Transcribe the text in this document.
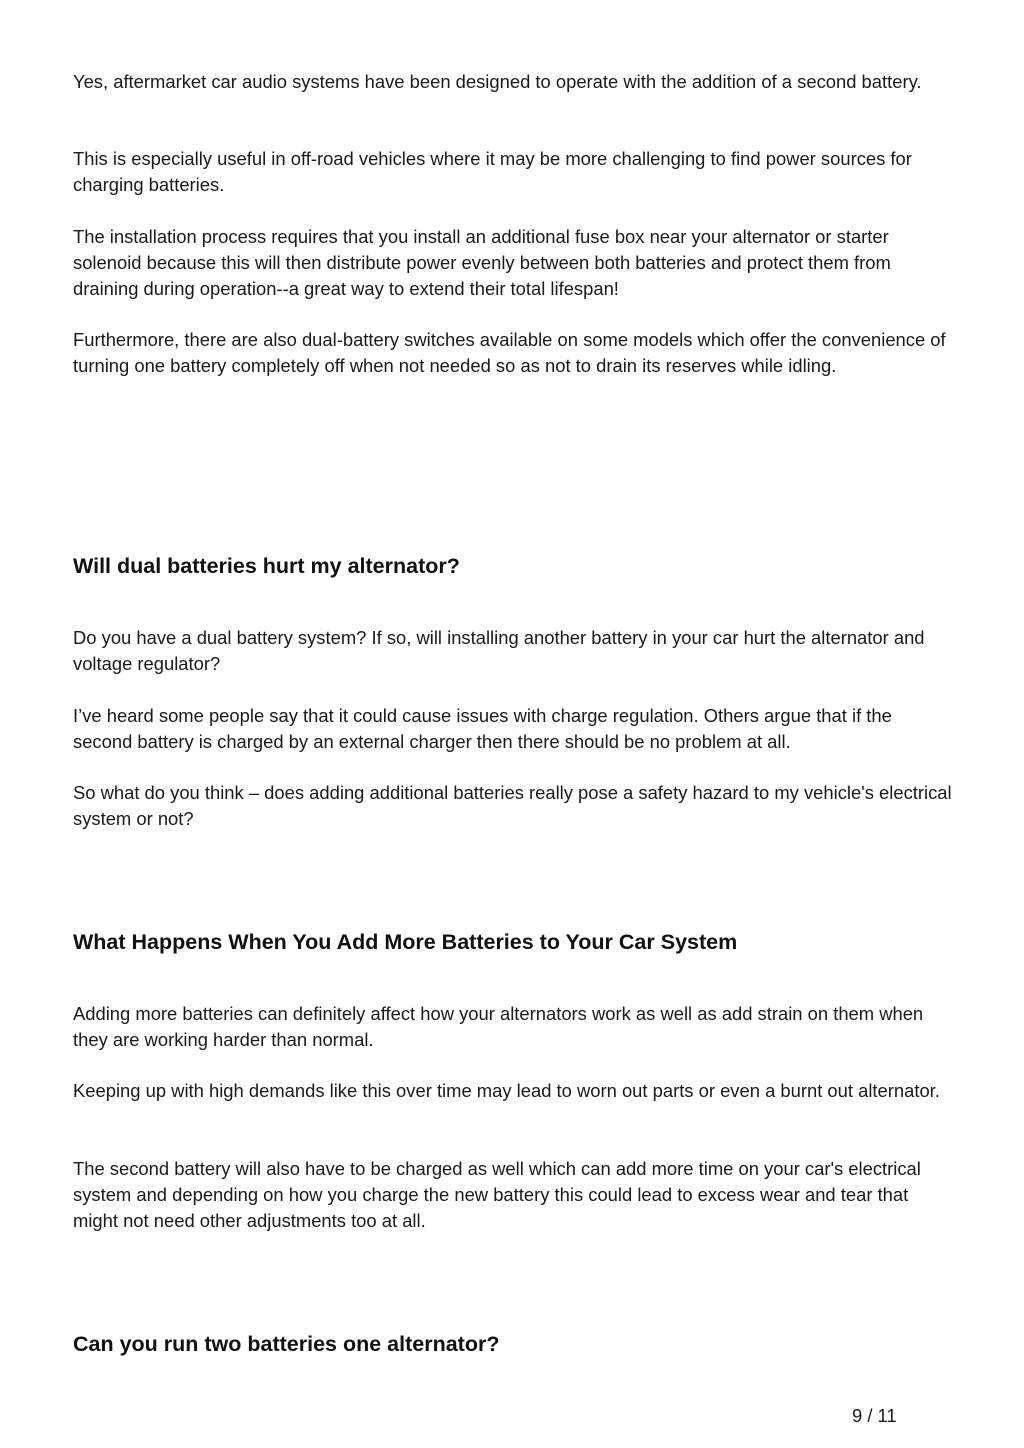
Yes, aftermarket car audio systems have been designed to operate with the addition of a second battery.

This is especially useful in off-road vehicles where it may be more challenging to find power sources for charging batteries.

The installation process requires that you install an additional fuse box near your alternator or starter solenoid because this will then distribute power evenly between both batteries and protect them from draining during operation--a great way to extend their total lifespan!

Furthermore, there are also dual-battery switches available on some models which offer the convenience of turning one battery completely off when not needed so as not to drain its reserves while idling.

Will dual batteries hurt my alternator?

Do you have a dual battery system? If so, will installing another battery in your car hurt the alternator and voltage regulator?

I’ve heard some people say that it could cause issues with charge regulation. Others argue that if the second battery is charged by an external charger then there should be no problem at all.

So what do you think – does adding additional batteries really pose a safety hazard to my vehicle's electrical system or not?

What Happens When You Add More Batteries to Your Car System

Adding more batteries can definitely affect how your alternators work as well as add strain on them when they are working harder than normal.

Keeping up with high demands like this over time may lead to worn out parts or even a burnt out alternator.

The second battery will also have to be charged as well which can add more time on your car's electrical system and depending on how you charge the new battery this could lead to excess wear and tear that might not need other adjustments too at all.

Can you run two batteries one alternator?
9 / 11
